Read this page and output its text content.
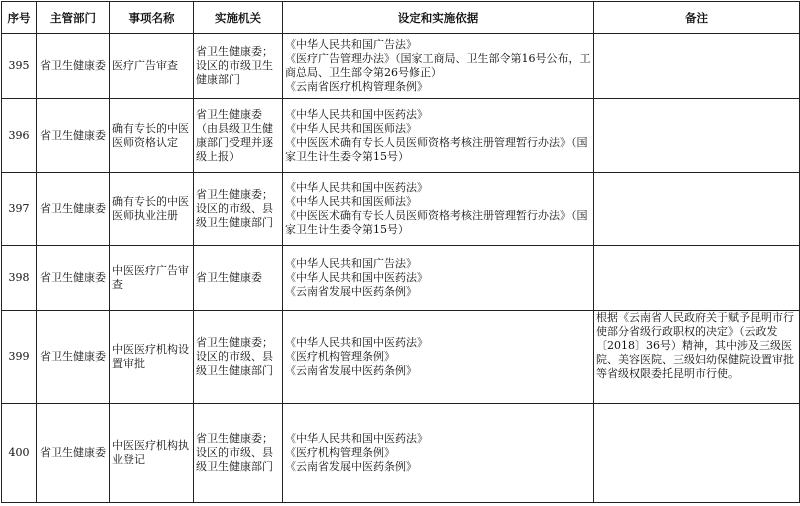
序号	主管部门	事项名称	实施机关	设定和实施依据	备注
395	省卫生健康委	医疗广告审查	省卫生健康委；设区的市级卫生健康部门	《中华人民共和国广告法》
《医疗广告管理办法》（国家工商局、卫生部令第16号公布，工商总局、卫生部令第26号修正）
《云南省医疗机构管理条例》	

396	省卫生健康委	确有专长的中医医师资格认定	省卫生健康委（由县级卫生健康部门受理并逐级上报）	《中华人民共和国中医药法》
《中华人民共和国医师法》
《中医医术确有专长人员医师资格考核注册管理暂行办法》（国家卫生计生委令第15号）	

397	省卫生健康委	确有专长的中医医师执业注册	省卫生健康委；设区的市级、县级卫生健康部门	《中华人民共和国中医药法》
《中华人民共和国医师法》
《中医医术确有专长人员医师资格考核注册管理暂行办法》（国家卫生计生委令第15号）	

398	省卫生健康委	中医医疗广告审查	省卫生健康委	《中华人民共和国广告法》
《中华人民共和国中医药法》
《云南省发展中医药条例》	

399	省卫生健康委	中医医疗机构设置审批	省卫生健康委；设区的市级、县级卫生健康部门	《中华人民共和国中医药法》
《医疗机构管理条例》
《云南省发展中医药条例》	根据《云南省人民政府关于赋予昆明市行使部分省级行政职权的决定》（云政发〔2018〕36号）精神，其中涉及三级医院、美容医院、三级妇幼保健院设置审批等省级权限委托昆明市行使。
400	省卫生健康委	中医医疗机构执业登记	省卫生健康委；设区的市级、县级卫生健康部门	《中华人民共和国中医药法》
《医疗机构管理条例》
《云南省发展中医药条例》	
